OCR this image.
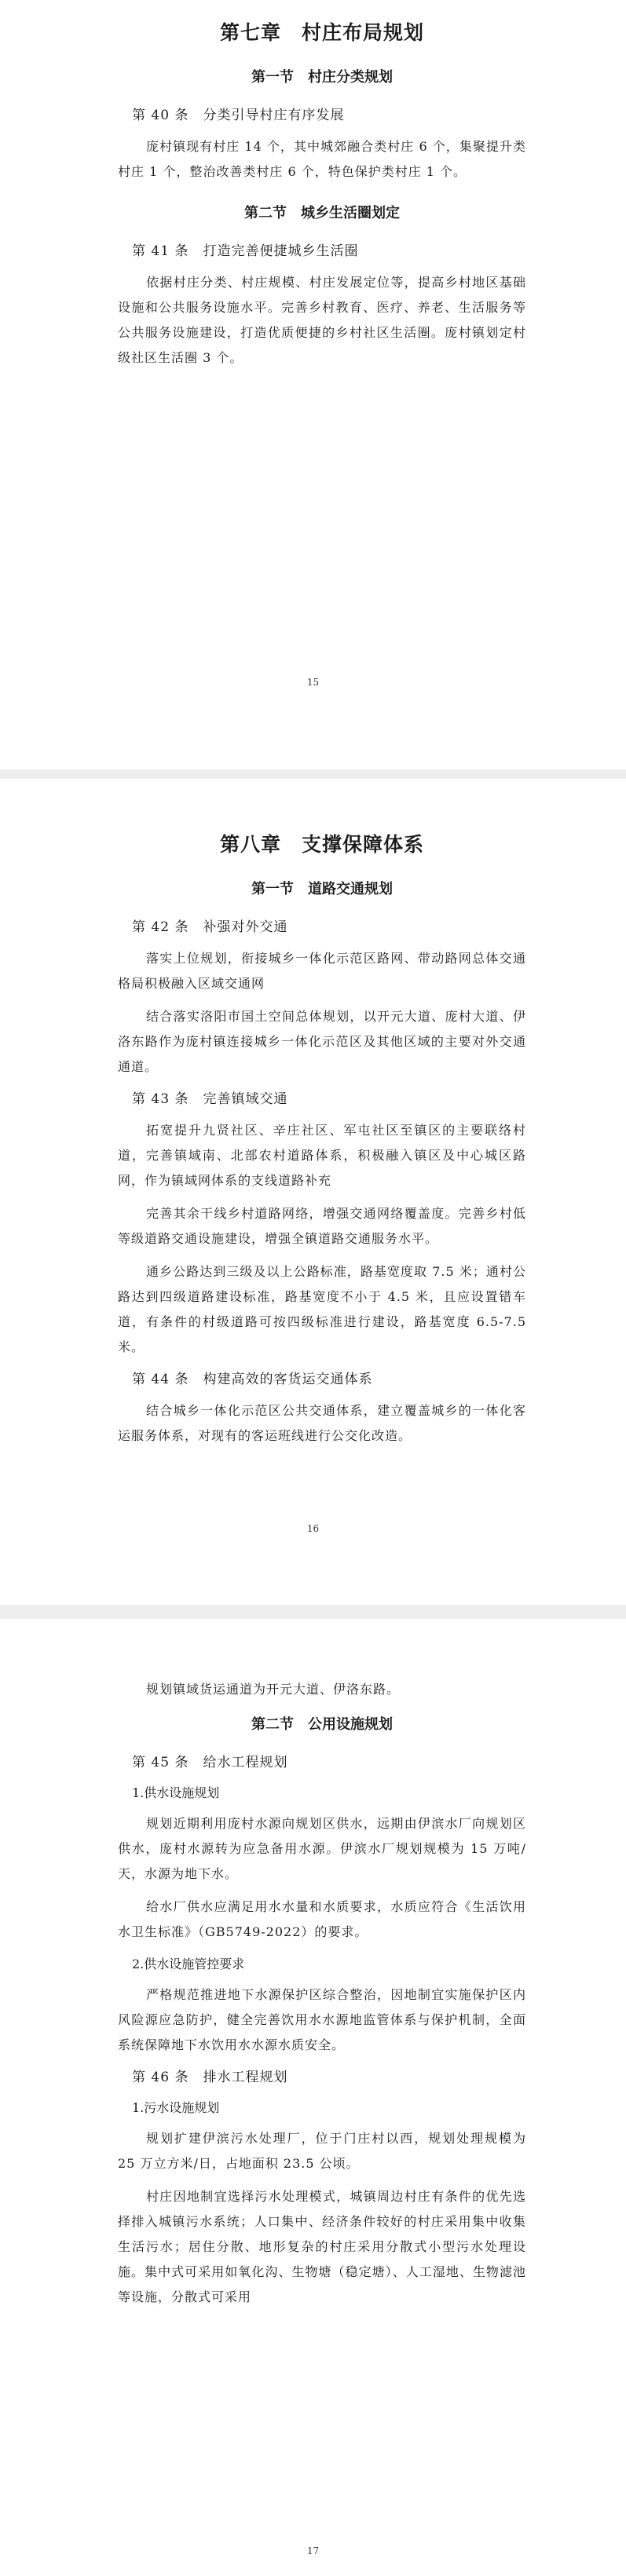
第七章　村庄布局规划
第一节　村庄分类规划
第 40 条　分类引导村庄有序发展

庞村镇现有村庄 14 个，其中城郊融合类村庄 6 个，集聚提升类村庄 1 个，整治改善类村庄 6 个，特色保护类村庄 1 个。

第二节　城乡生活圈划定
第 41 条　打造完善便捷城乡生活圈

依据村庄分类、村庄规模、村庄发展定位等，提高乡村地区基础设施和公共服务设施水平。完善乡村教育、医疗、养老、生活服务等公共服务设施建设，打造优质便捷的乡村社区生活圈。庞村镇划定村级社区生活圈 3 个。

15
第八章　支撑保障体系
第一节　道路交通规划
第 42 条　补强对外交通

落实上位规划，衔接城乡一体化示范区路网、带动路网总体交通格局积极融入区域交通网

结合落实洛阳市国土空间总体规划，以开元大道、庞村大道、伊洛东路作为庞村镇连接城乡一体化示范区及其他区域的主要对外交通通道。

第 43 条　完善镇域交通

拓宽提升九贤社区、辛庄社区、军屯社区至镇区的主要联络村道，完善镇域南、北部农村道路体系，积极融入镇区及中心城区路网，作为镇域网体系的支线道路补充

完善其余干线乡村道路网络，增强交通网络覆盖度。完善乡村低等级道路交通设施建设，增强全镇道路交通服务水平。

通乡公路达到三级及以上公路标准，路基宽度取 7.5 米；通村公路达到四级道路建设标准，路基宽度不小于 4.5 米，且应设置错车道，有条件的村级道路可按四级标准进行建设，路基宽度 6.5-7.5 米。

第 44 条　构建高效的客货运交通体系

结合城乡一体化示范区公共交通体系，建立覆盖城乡的一体化客运服务体系，对现有的客运班线进行公交化改造。

16

规划镇域货运通道为开元大道、伊洛东路。

第二节　公用设施规划
第 45 条　给水工程规划
1.供水设施规划

规划近期利用庞村水源向规划区供水，远期由伊滨水厂向规划区供水，庞村水源转为应急备用水源。伊滨水厂规划规模为 15 万吨/天，水源为地下水。

给水厂供水应满足用水水量和水质要求，水质应符合《生活饮用水卫生标准》（GB5749-2022）的要求。

2.供水设施管控要求

严格规范推进地下水源保护区综合整治，因地制宜实施保护区内风险源应急防护，健全完善饮用水水源地监管体系与保护机制，全面系统保障地下水饮用水水源水质安全。

第 46 条　排水工程规划
1.污水设施规划

规划扩建伊滨污水处理厂，位于门庄村以西，规划处理规模为 25 万立方米/日，占地面积 23.5 公顷。

村庄因地制宜选择污水处理模式，城镇周边村庄有条件的优先选择排入城镇污水系统；人口集中、经济条件较好的村庄采用集中收集生活污水；居住分散、地形复杂的村庄采用分散式小型污水处理设施。集中式可采用如氧化沟、生物塘（稳定塘）、人工湿地、生物滤池等设施，分散式可采用

17
